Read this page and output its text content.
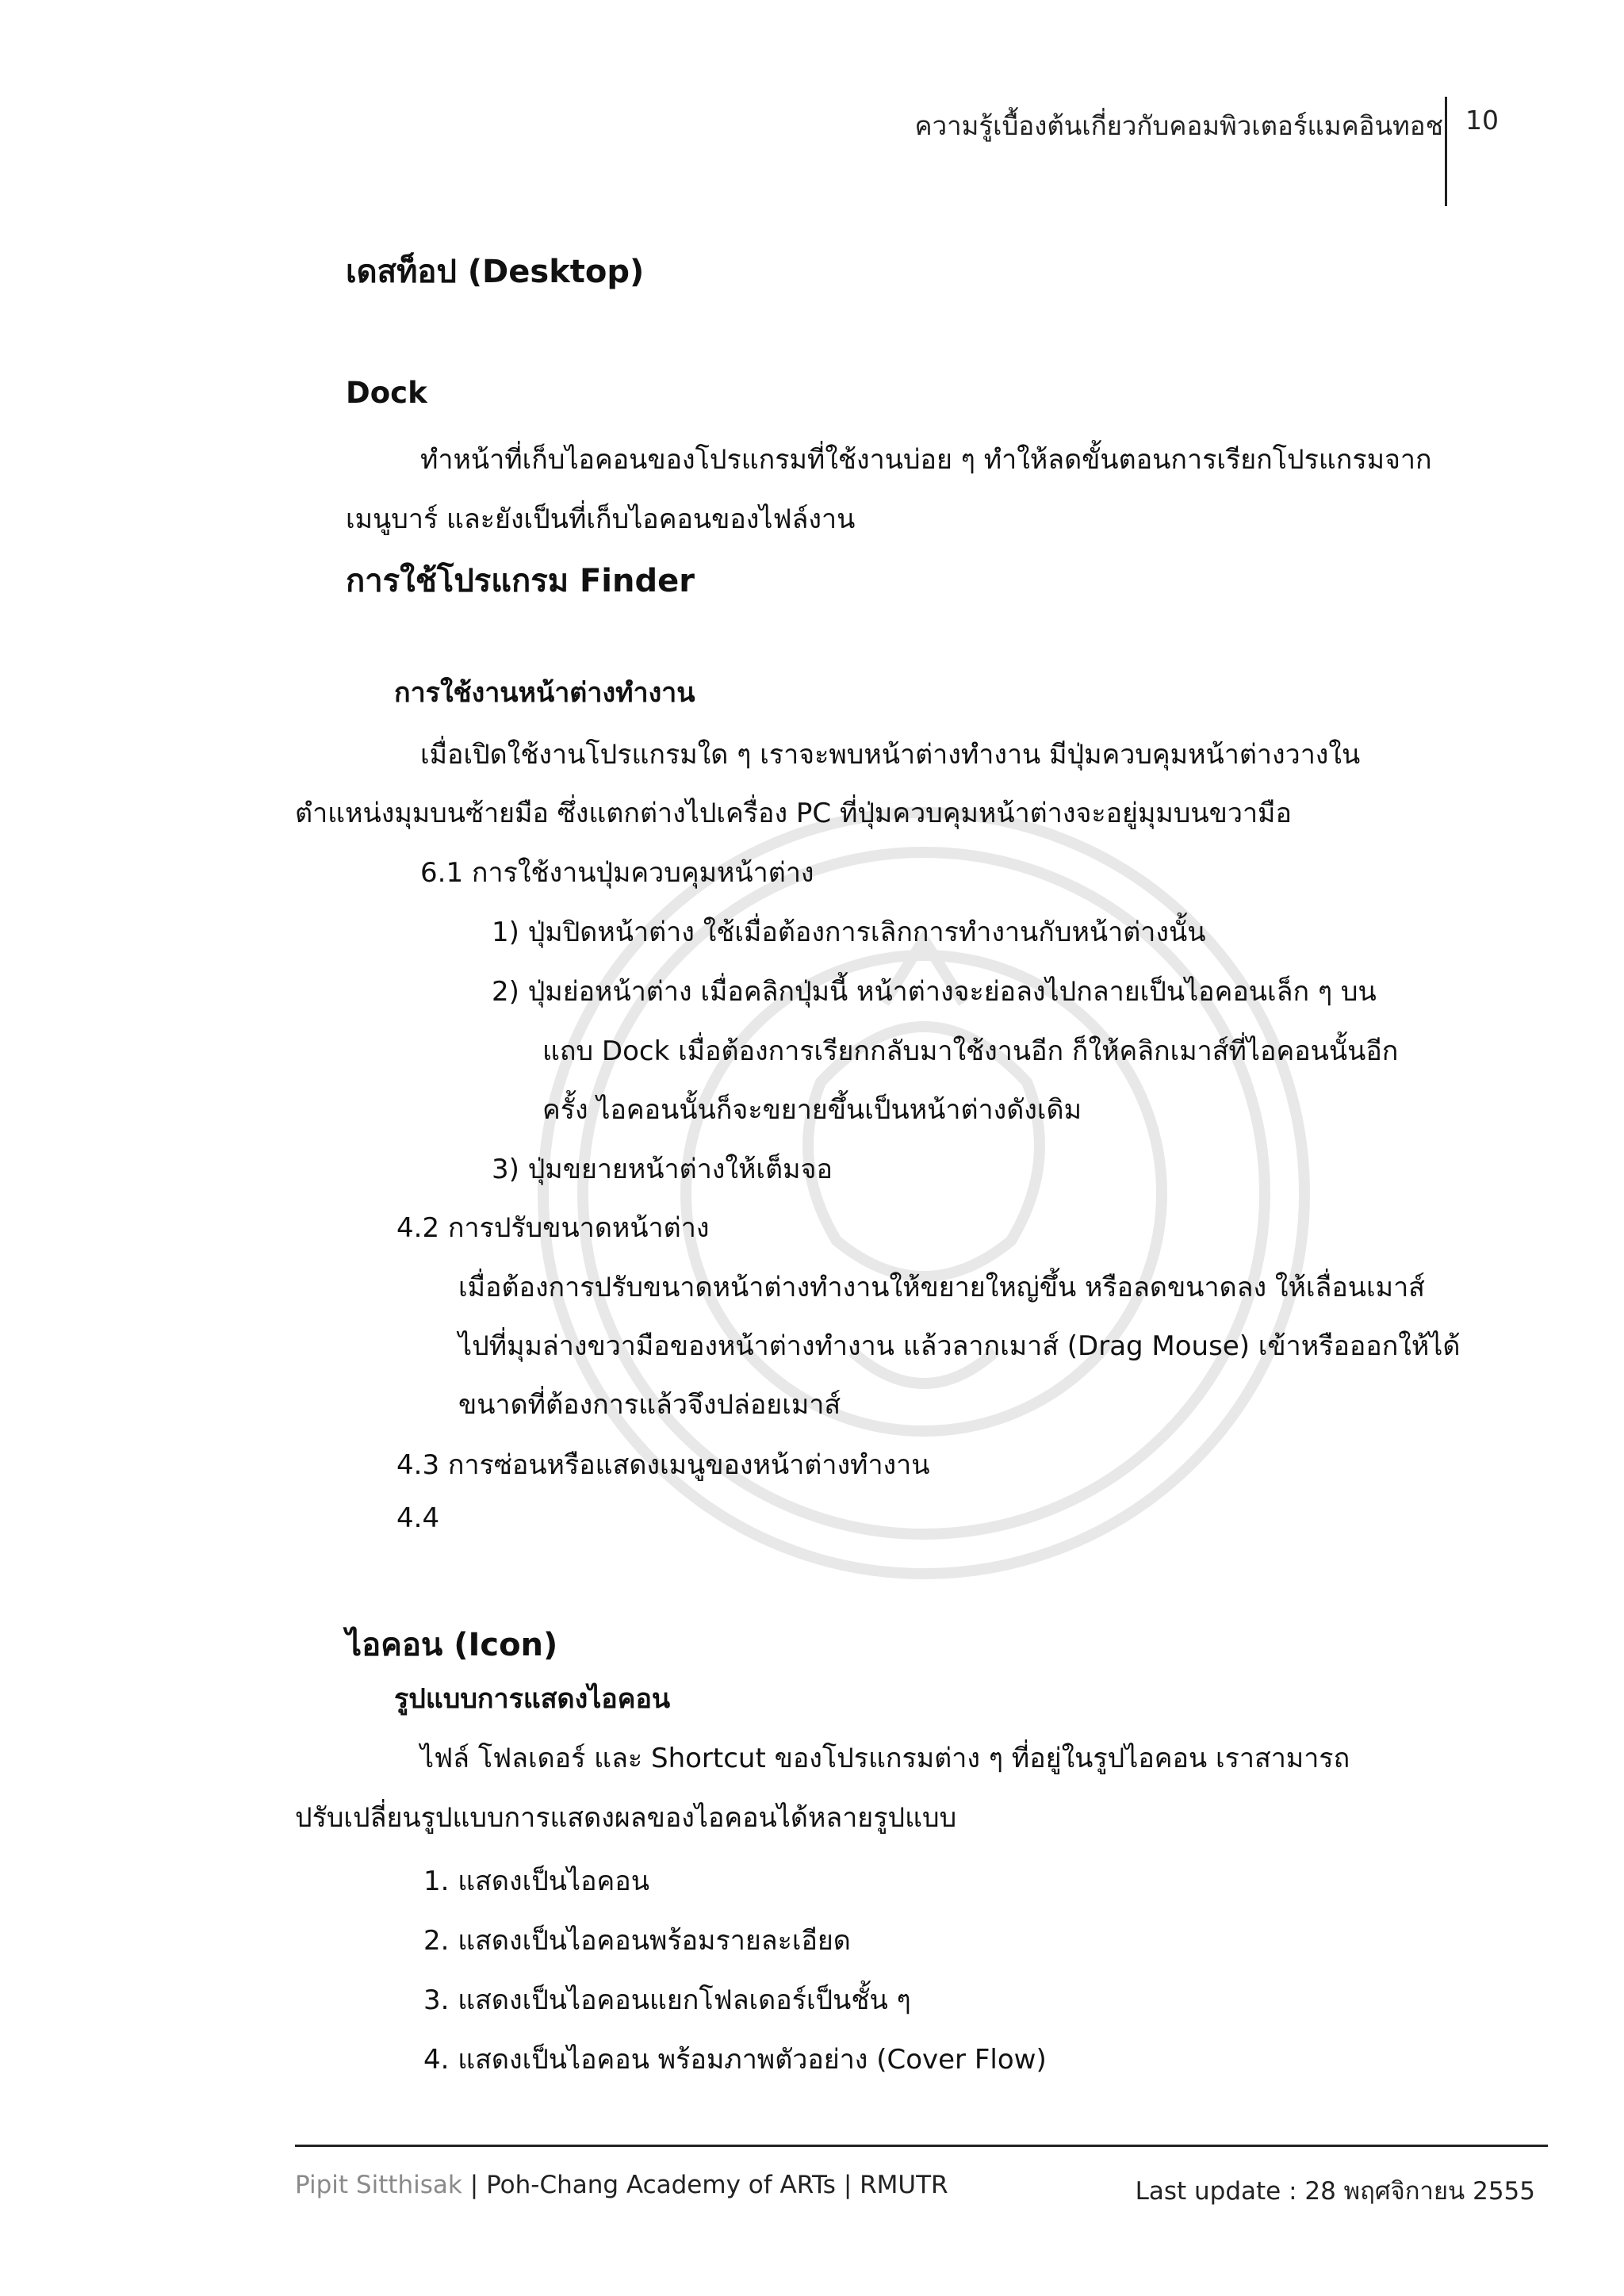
ความรู้เบื้องต้นเกี่ยวกับคอมพิวเตอร์แมคอินทอช 10
เดสท็อป (Desktop)
Dock
ทำหน้าที่เก็บไอคอนของโปรแกรมที่ใช้งานบ่อย ๆ ทำให้ลดขั้นตอนการเรียกโปรแกรมจาก
เมนูบาร์ และยังเป็นที่เก็บไอคอนของไฟล์งาน
การใช้โปรแกรม Finder
การใช้งานหน้าต่างทำงาน
เมื่อเปิดใช้งานโปรแกรมใด ๆ เราจะพบหน้าต่างทำงาน มีปุ่มควบคุมหน้าต่างวางใน
ตำแหน่งมุมบนซ้ายมือ ซึ่งแตกต่างไปเครื่อง PC ที่ปุ่มควบคุมหน้าต่างจะอยู่มุมบนขวามือ
6.1 การใช้งานปุ่มควบคุมหน้าต่าง
1) ปุ่มปิดหน้าต่าง ใช้เมื่อต้องการเลิกการทำงานกับหน้าต่างนั้น
2) ปุ่มย่อหน้าต่าง เมื่อคลิกปุ่มนี้ หน้าต่างจะย่อลงไปกลายเป็นไอคอนเล็ก ๆ บน
แถบ Dock เมื่อต้องการเรียกกลับมาใช้งานอีก ก็ให้คลิกเมาส์ที่ไอคอนนั้นอีก
ครั้ง ไอคอนนั้นก็จะขยายขึ้นเป็นหน้าต่างดังเดิม
3) ปุ่มขยายหน้าต่างให้เต็มจอ
4.2 การปรับขนาดหน้าต่าง
เมื่อต้องการปรับขนาดหน้าต่างทำงานให้ขยายใหญ่ขึ้น หรือลดขนาดลง ให้เลื่อนเมาส์
ไปที่มุมล่างขวามือของหน้าต่างทำงาน แล้วลากเมาส์ (Drag Mouse) เข้าหรือออกให้ได้
ขนาดที่ต้องการแล้วจึงปล่อยเมาส์
4.3 การซ่อนหรือแสดงเมนูของหน้าต่างทำงาน
4.4
ไอคอน (Icon)
รูปแบบการแสดงไอคอน
ไฟล์ โฟลเดอร์ และ Shortcut ของโปรแกรมต่าง ๆ ที่อยู่ในรูปไอคอน เราสามารถ
ปรับเปลี่ยนรูปแบบการแสดงผลของไอคอนได้หลายรูปแบบ
1. แสดงเป็นไอคอน
2. แสดงเป็นไอคอนพร้อมรายละเอียด
3. แสดงเป็นไอคอนแยกโฟลเดอร์เป็นชั้น ๆ
4. แสดงเป็นไอคอน พร้อมภาพตัวอย่าง (Cover Flow)
Pipit Sitthisak | Poh-Chang Academy of ARTs | RMUTR	Last update : 28 พฤศจิกายน 2555
